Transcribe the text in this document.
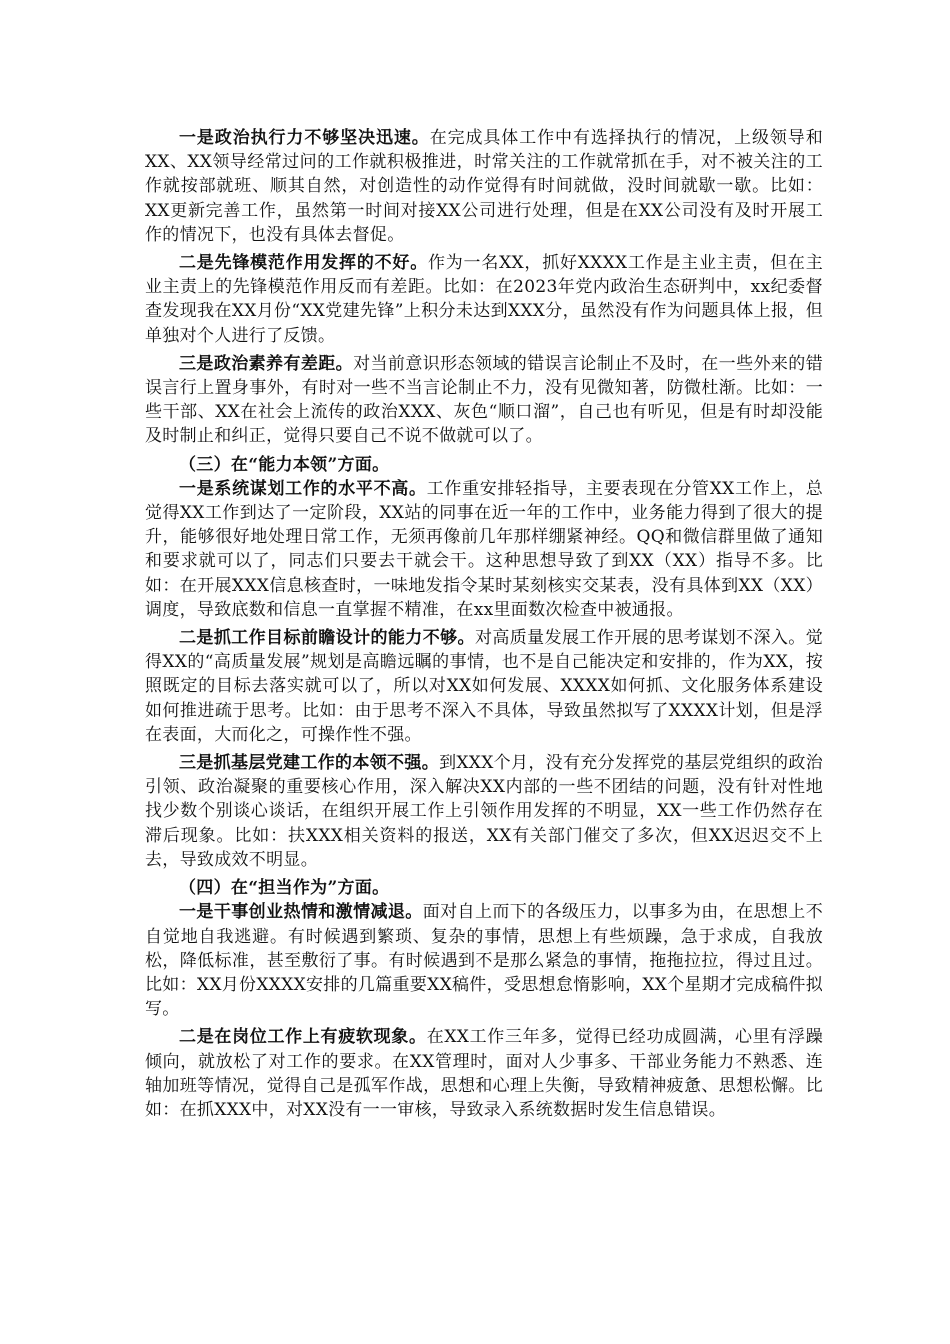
一是政治执行力不够坚决迅速。在完成具体工作中有选择执行的情况，上级领导和XX、XX领导经常过问的工作就积极推进，时常关注的工作就常抓在手，对不被关注的工作就按部就班、顺其自然，对创造性的动作觉得有时间就做，没时间就歇一歇。比如：XX更新完善工作，虽然第一时间对接XX公司进行处理，但是在XX公司没有及时开展工作的情况下，也没有具体去督促。

二是先锋模范作用发挥的不好。作为一名XX，抓好XXXX工作是主业主责，但在主业主责上的先锋模范作用反而有差距。比如：在2023年党内政治生态研判中，xx纪委督查发现我在XX月份“XX党建先锋”上积分未达到XXX分，虽然没有作为问题具体上报，但单独对个人进行了反馈。

三是政治素养有差距。对当前意识形态领域的错误言论制止不及时，在一些外来的错误言行上置身事外，有时对一些不当言论制止不力，没有见微知著，防微杜渐。比如：一些干部、XX在社会上流传的政治XXX、灰色“顺口溜”，自己也有听见，但是有时却没能及时制止和纠正，觉得只要自己不说不做就可以了。

（三）在“能力本领”方面。

一是系统谋划工作的水平不高。工作重安排轻指导，主要表现在分管XX工作上，总觉得XX工作到达了一定阶段，XX站的同事在近一年的工作中，业务能力得到了很大的提升，能够很好地处理日常工作，无须再像前几年那样绷紧神经。QQ和微信群里做了通知和要求就可以了，同志们只要去干就会干。这种思想导致了到XX（XX）指导不多。比如：在开展XXX信息核查时，一味地发指令某时某刻核实交某表，没有具体到XX（XX）调度，导致底数和信息一直掌握不精准，在xx里面数次检查中被通报。

二是抓工作目标前瞻设计的能力不够。对高质量发展工作开展的思考谋划不深入。觉得XX的“高质量发展”规划是高瞻远瞩的事情，也不是自己能决定和安排的，作为XX，按照既定的目标去落实就可以了，所以对XX如何发展、XXXX如何抓、文化服务体系建设如何推进疏于思考。比如：由于思考不深入不具体，导致虽然拟写了XXXX计划，但是浮在表面，大而化之，可操作性不强。

三是抓基层党建工作的本领不强。到XXX个月，没有充分发挥党的基层党组织的政治引领、政治凝聚的重要核心作用，深入解决XX内部的一些不团结的问题，没有针对性地找少数个别谈心谈话，在组织开展工作上引领作用发挥的不明显，XX一些工作仍然存在滞后现象。比如：扶XXX相关资料的报送，XX有关部门催交了多次，但XX迟迟交不上去，导致成效不明显。

（四）在“担当作为”方面。

一是干事创业热情和激情减退。面对自上而下的各级压力，以事多为由，在思想上不自觉地自我逃避。有时候遇到繁琐、复杂的事情，思想上有些烦躁，急于求成，自我放松，降低标准，甚至敷衍了事。有时候遇到不是那么紧急的事情，拖拖拉拉，得过且过。比如：XX月份XXXX安排的几篇重要XX稿件，受思想怠惰影响，XX个星期才完成稿件拟写。

二是在岗位工作上有疲软现象。在XX工作三年多，觉得已经功成圆满，心里有浮躁倾向，就放松了对工作的要求。在XX管理时，面对人少事多、干部业务能力不熟悉、连轴加班等情况，觉得自己是孤军作战，思想和心理上失衡，导致精神疲惫、思想松懈。比如：在抓XXX中，对XX没有一一审核，导致录入系统数据时发生信息错误。
